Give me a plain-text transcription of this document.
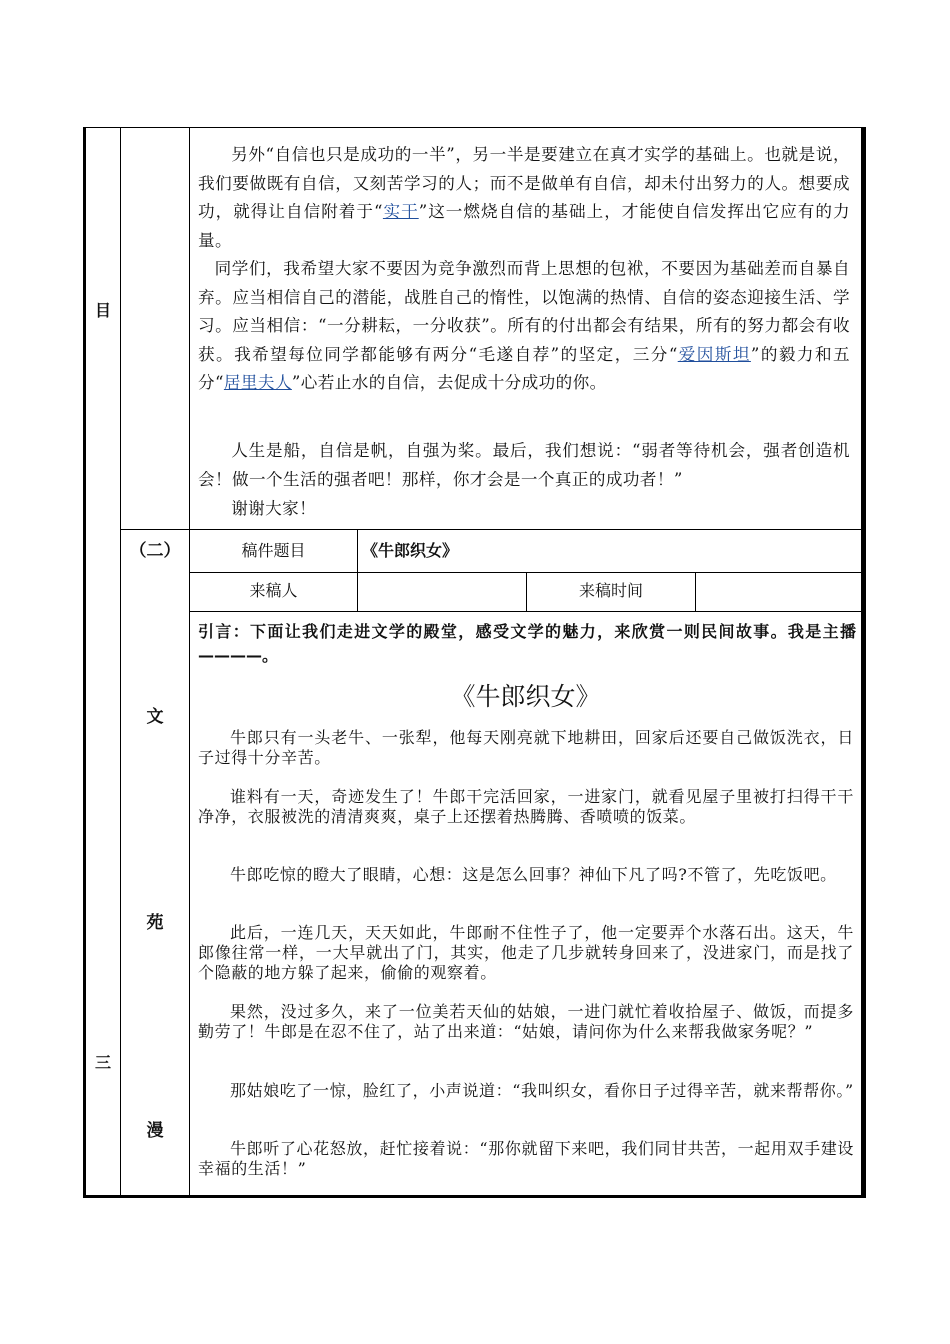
目
三
（二）
文
苑
漫
另外“自信也只是成功的一半”，另一半是要建立在真才实学的基础上。也就是说，我们要做既有自信，又刻苦学习的人；而不是做单有自信，却未付出努力的人。想要成功，就得让自信附着于“实干”这一燃烧自信的基础上，才能使自信发挥出它应有的力量。
同学们，我希望大家不要因为竞争激烈而背上思想的包袱，不要因为基础差而自暴自弃。应当相信自己的潜能，战胜自己的惰性，以饱满的热情、自信的姿态迎接生活、学习。应当相信：“一分耕耘，一分收获”。所有的付出都会有结果，所有的努力都会有收获。我希望每位同学都能够有两分“毛遂自荐”的坚定，三分“爱因斯坦”的毅力和五分“居里夫人”心若止水的自信，去促成十分成功的你。
人生是船，自信是帆，自强为桨。最后，我们想说：“弱者等待机会，强者创造机会！做一个生活的强者吧！那样，你才会是一个真正的成功者！”
谢谢大家！
稿件题目	《牛郎织女》
来稿人	来稿时间
引言：下面让我们走进文学的殿堂，感受文学的魅力，来欣赏一则民间故事。我是主播————。
《牛郎织女》
牛郎只有一头老牛、一张犁，他每天刚亮就下地耕田，回家后还要自己做饭洗衣，日子过得十分辛苦。
谁料有一天，奇迹发生了！牛郎干完活回家，一进家门，就看见屋子里被打扫得干干净净，衣服被洗的清清爽爽，桌子上还摆着热腾腾、香喷喷的饭菜。
牛郎吃惊的瞪大了眼睛，心想：这是怎么回事？神仙下凡了吗?不管了，先吃饭吧。
此后，一连几天，天天如此，牛郎耐不住性子了，他一定要弄个水落石出。这天，牛郎像往常一样，一大早就出了门，其实，他走了几步就转身回来了，没进家门，而是找了个隐蔽的地方躲了起来，偷偷的观察着。
果然，没过多久，来了一位美若天仙的姑娘，一进门就忙着收拾屋子、做饭，而提多勤劳了！牛郎是在忍不住了，站了出来道：“姑娘，请问你为什么来帮我做家务呢？”
那姑娘吃了一惊，脸红了，小声说道：“我叫织女，看你日子过得辛苦，就来帮帮你。”
牛郎听了心花怒放，赶忙接着说：“那你就留下来吧，我们同甘共苦，一起用双手建设幸福的生活！”
